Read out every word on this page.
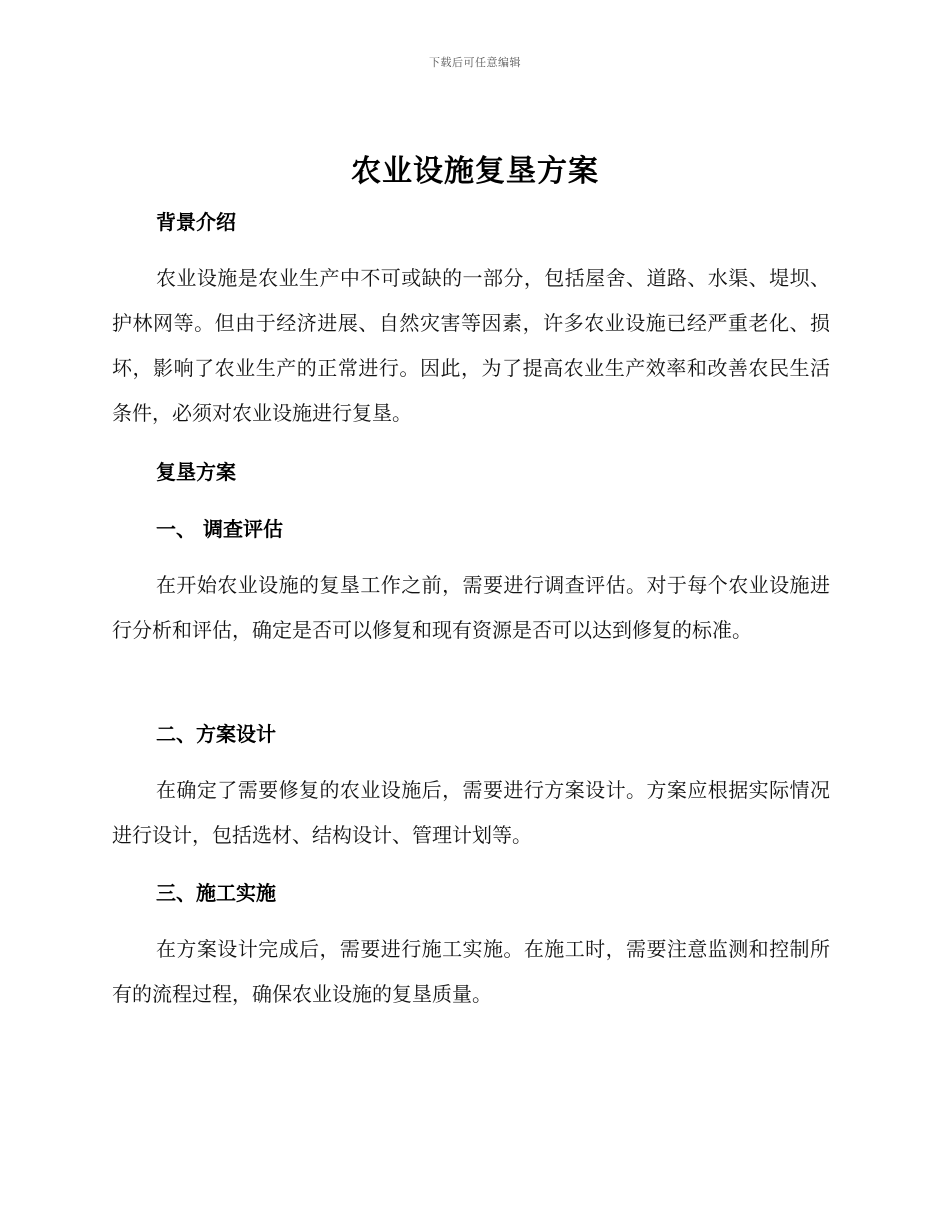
下载后可任意编辑
农业设施复垦方案
背景介绍

农业设施是农业生产中不可或缺的一部分，包括屋舍、道路、水渠、堤坝、护林网等。但由于经济进展、自然灾害等因素，许多农业设施已经严重老化、损坏，影响了农业生产的正常进行。因此，为了提高农业生产效率和改善农民生活条件，必须对农业设施进行复垦。

复垦方案
一、 调查评估

在开始农业设施的复垦工作之前，需要进行调查评估。对于每个农业设施进行分析和评估，确定是否可以修复和现有资源是否可以达到修复的标准。

二、方案设计

在确定了需要修复的农业设施后，需要进行方案设计。方案应根据实际情况进行设计，包括选材、结构设计、管理计划等。

三、施工实施

在方案设计完成后，需要进行施工实施。在施工时，需要注意监测和控制所有的流程过程，确保农业设施的复垦质量。
